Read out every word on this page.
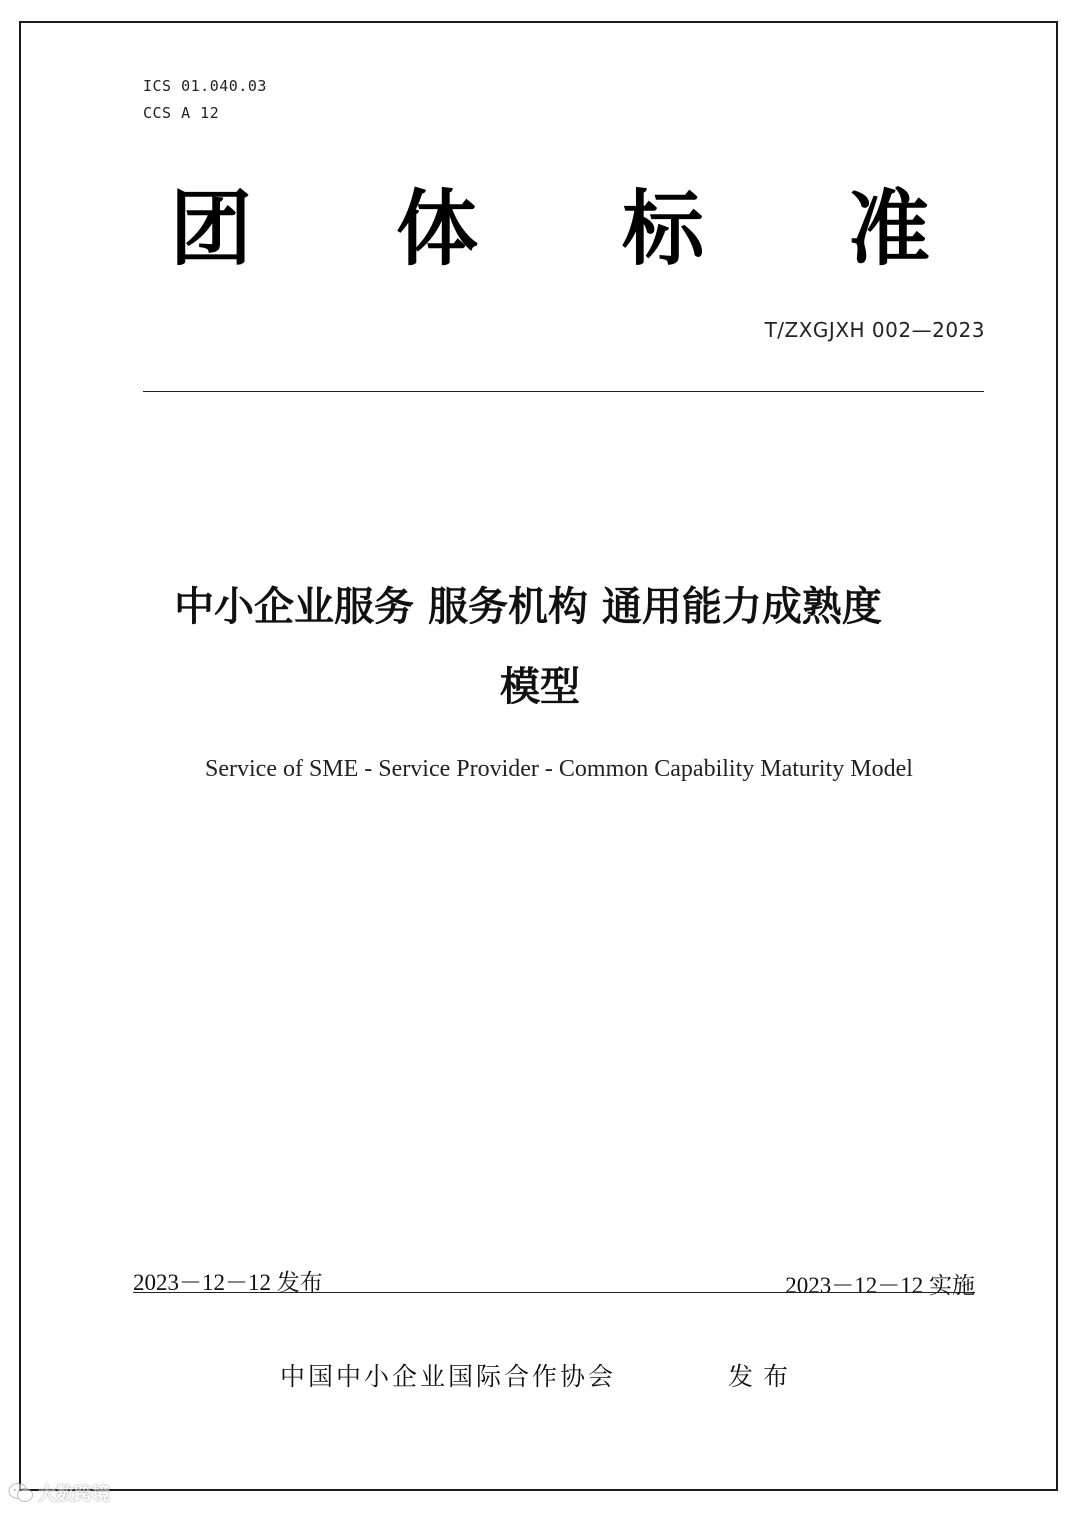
ICS 01.040.03
CCS A 12
团 体 标 准
T/ZXGJXH 002—2023
中小企业服务 服务机构 通用能力成熟度
模型
Service of SME - Service Provider - Common Capability Maturity Model
2023－12－12 发布	2023－12－12 实施
中国中小企业国际合作协会	发布
大数跨境
